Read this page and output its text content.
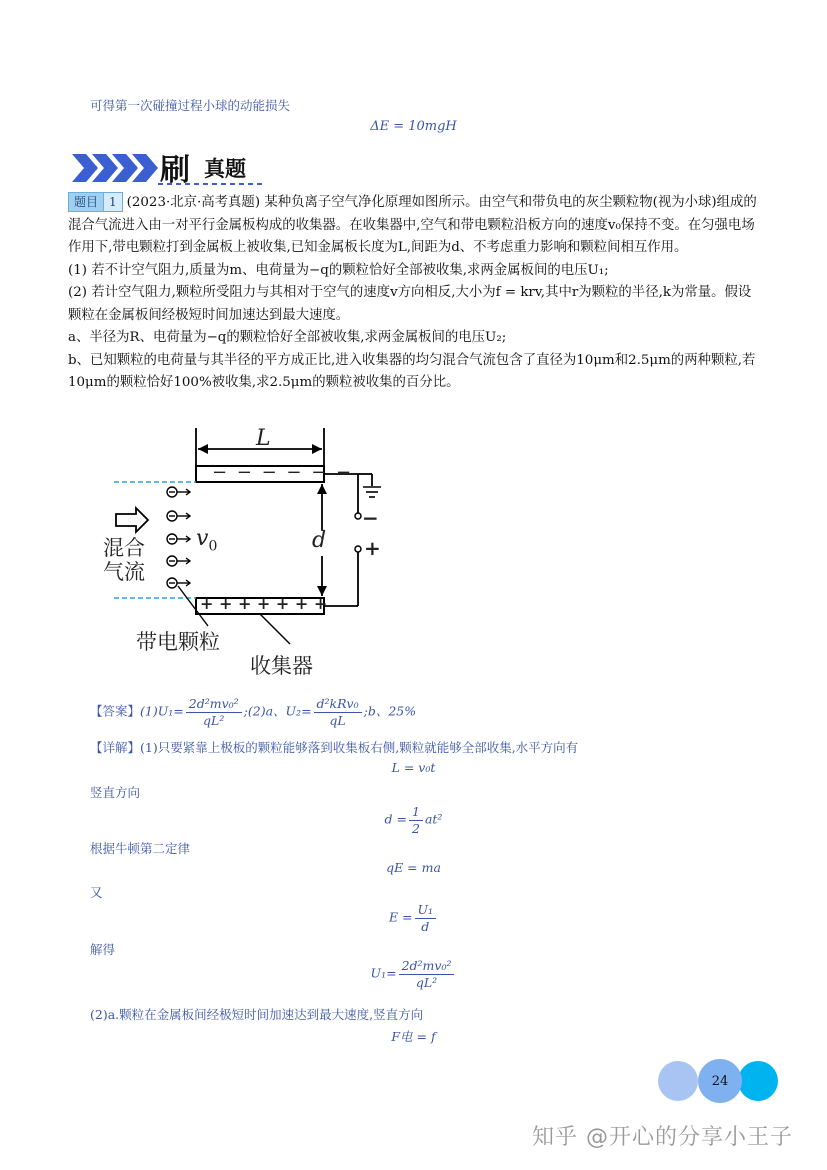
可得第一次碰撞过程小球的动能损失
ΔE = 10mgH
刷 真题

题目 1 (2023·北京·高考真题) 某种负离子空气净化原理如图所示。由空气和带负电的灰尘颗粒物(视为小球)组成的混合气流进入由一对平行金属板构成的收集器。在收集器中,空气和带电颗粒沿板方向的速度v₀保持不变。在匀强电场作用下,带电颗粒打到金属板上被收集,已知金属板长度为L,间距为d、不考虑重力影响和颗粒间相互作用。

(1) 若不计空气阻力,质量为m、电荷量为−q的颗粒恰好全部被收集,求两金属板间的电压U₁;

(2) 若计空气阻力,颗粒所受阻力与其相对于空气的速度v方向相反,大小为f = krv,其中r为颗粒的半径,k为常量。假设颗粒在金属板间经极短时间加速达到最大速度。

a、半径为R、电荷量为−q的颗粒恰好全部被收集,求两金属板间的电压U₂;

b、已知颗粒的电荷量与其半径的平方成正比,进入收集器的均匀混合气流包含了直径为10μm和2.5μm的两种颗粒,若10μm的颗粒恰好100%被收集,求2.5μm的颗粒被收集的百分比。

L
− − − − − −
+ + + + + + +
d
$v_0$
混合
气流
带电颗粒
收集器
−
+
【答案】$(1)U_1= \frac{\text{2d²mv₀²}}{\text{qL²}}$ ;(2)a、$U_2= \frac{\text{d²kRv₀}}{qL}$ ;b、25%
【详解】(1)只要紧靠上极板的颗粒能够落到收集板右侧,颗粒就能够全部收集,水平方向有
L = v₀t
竖直方向
$d = \frac{1}{2} at^2$
根据牛顿第二定律
qE = ma
又
$E = \frac{\text{U₁}}{d}$
解得
$U_1= \frac{\text{2d²mv₀²}}{\text{qL²}}$
(2)a.颗粒在金属板间经极短时间加速达到最大速度,竖直方向
F电 = f
24
知乎 @开心的分享小王子
